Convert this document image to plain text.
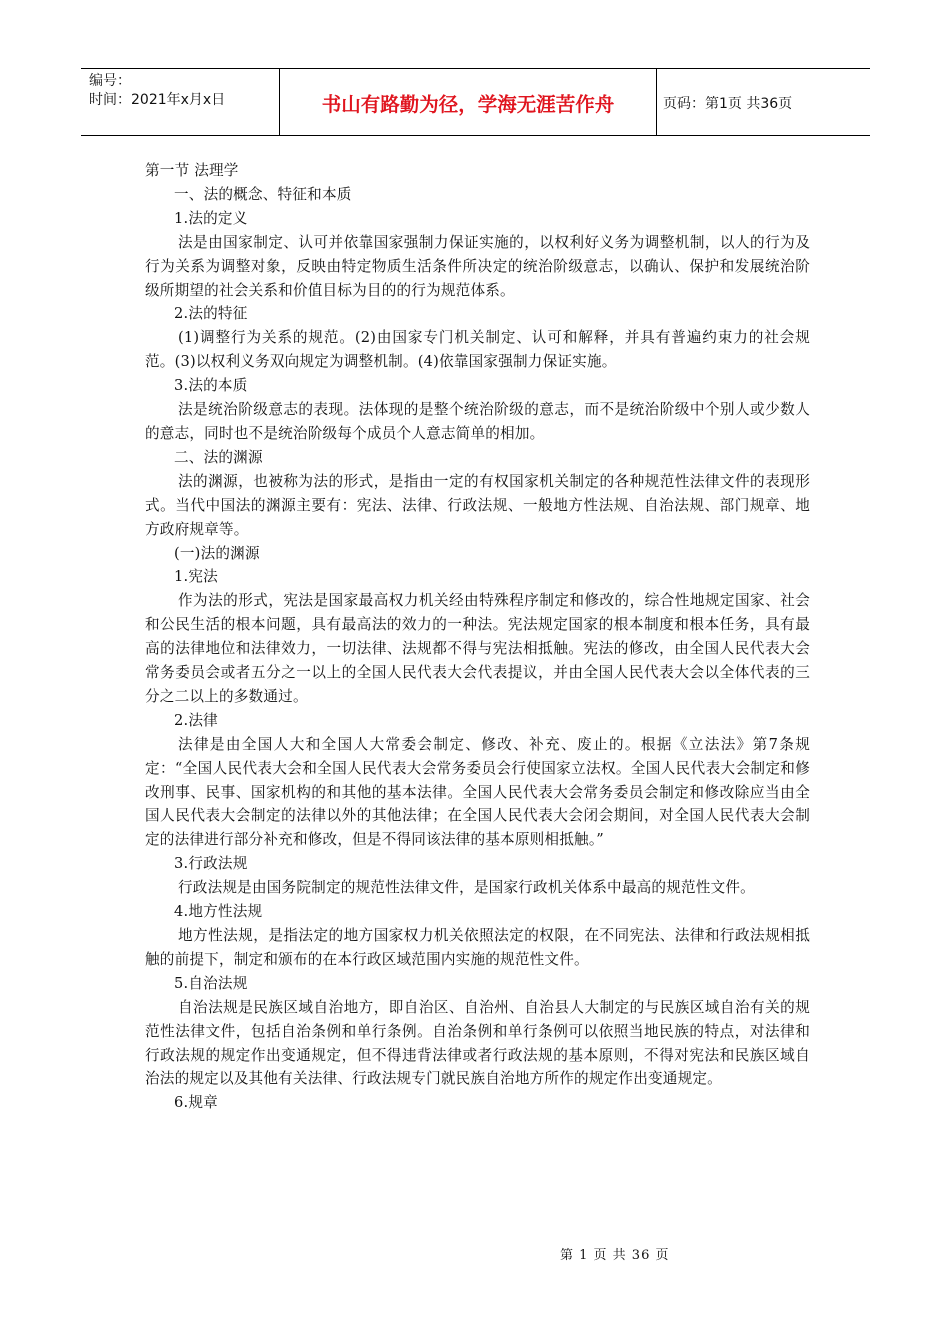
编号：
时间：2021年x月x日	书山有路勤为径，学海无涯苦作舟	页码：第1页 共36页

第一节 法理学

一、法的概念、特征和本质

1.法的定义

法是由国家制定、认可并依靠国家强制力保证实施的，以权利好义务为调整机制，以人的行为及行为关系为调整对象，反映由特定物质生活条件所决定的统治阶级意志，以确认、保护和发展统治阶级所期望的社会关系和价值目标为目的的行为规范体系。

2.法的特征

(1)调整行为关系的规范。(2)由国家专门机关制定、认可和解释，并具有普遍约束力的社会规范。(3)以权利义务双向规定为调整机制。(4)依靠国家强制力保证实施。

3.法的本质

法是统治阶级意志的表现。法体现的是整个统治阶级的意志，而不是统治阶级中个别人或少数人的意志，同时也不是统治阶级每个成员个人意志简单的相加。

二、法的渊源

法的渊源，也被称为法的形式，是指由一定的有权国家机关制定的各种规范性法律文件的表现形式。当代中国法的渊源主要有：宪法、法律、行政法规、一般地方性法规、自治法规、部门规章、地方政府规章等。

(一)法的渊源

1.宪法

作为法的形式，宪法是国家最高权力机关经由特殊程序制定和修改的，综合性地规定国家、社会和公民生活的根本问题，具有最高法的效力的一种法。宪法规定国家的根本制度和根本任务，具有最高的法律地位和法律效力，一切法律、法规都不得与宪法相抵触。宪法的修改，由全国人民代表大会常务委员会或者五分之一以上的全国人民代表大会代表提议，并由全国人民代表大会以全体代表的三分之二以上的多数通过。

2.法律

法律是由全国人大和全国人大常委会制定、修改、补充、废止的。根据《立法法》第7条规定：“全国人民代表大会和全国人民代表大会常务委员会行使国家立法权。全国人民代表大会制定和修改刑事、民事、国家机构的和其他的基本法律。全国人民代表大会常务委员会制定和修改除应当由全国人民代表大会制定的法律以外的其他法律；在全国人民代表大会闭会期间，对全国人民代表大会制定的法律进行部分补充和修改，但是不得同该法律的基本原则相抵触。”

3.行政法规

行政法规是由国务院制定的规范性法律文件，是国家行政机关体系中最高的规范性文件。

4.地方性法规

地方性法规，是指法定的地方国家权力机关依照法定的权限，在不同宪法、法律和行政法规相抵触的前提下，制定和颁布的在本行政区域范围内实施的规范性文件。

5.自治法规

自治法规是民族区域自治地方，即自治区、自治州、自治县人大制定的与民族区域自治有关的规范性法律文件，包括自治条例和单行条例。自治条例和单行条例可以依照当地民族的特点，对法律和行政法规的规定作出变通规定，但不得违背法律或者行政法规的基本原则，不得对宪法和民族区域自治法的规定以及其他有关法律、行政法规专门就民族自治地方所作的规定作出变通规定。

6.规章

第 1 页 共 36 页
